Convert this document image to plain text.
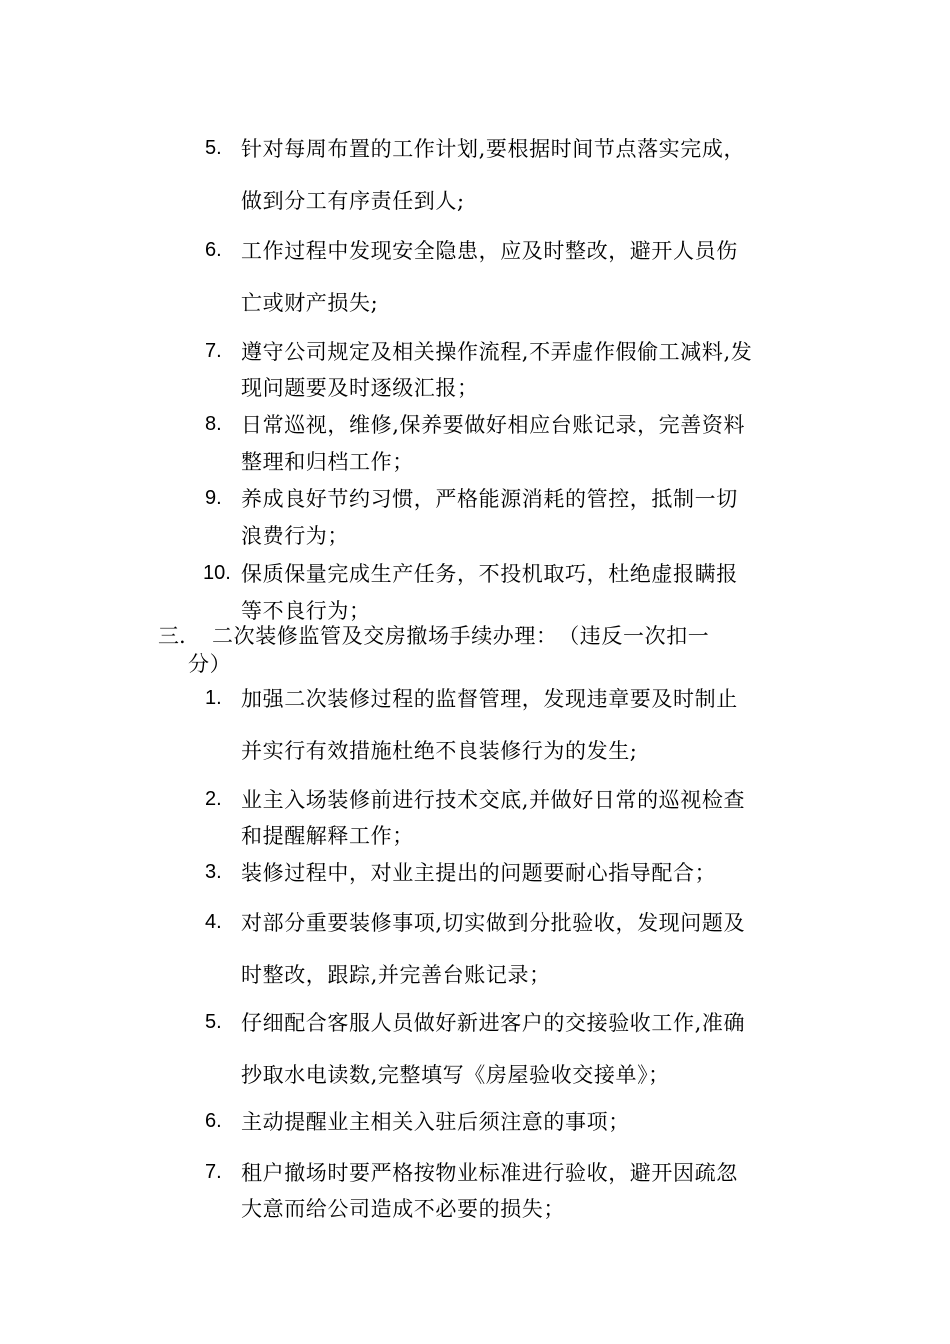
5. 针对每周布置的工作计划,要根据时间节点落实完成，
做到分工有序责任到人;
6. 工作过程中发现安全隐患，应及时整改，避开人员伤
亡或财产损失;
7. 遵守公司规定及相关操作流程,不弄虚作假偷工减料,发
现问题要及时逐级汇报；
8. 日常巡视，维修,保养要做好相应台账记录，完善资料
整理和归档工作；
9. 养成良好节约习惯，严格能源消耗的管控，抵制一切
浪费行为；
10. 保质保量完成生产任务，不投机取巧，杜绝虚报瞒报
等不良行为；
三. 二次装修监管及交房撤场手续办理：　（违反一次扣一
分）
1. 加强二次装修过程的监督管理，发现违章要及时制止
并实行有效措施杜绝不良装修行为的发生;
2. 业主入场装修前进行技术交底,并做好日常的巡视检查
和提醒解释工作；
3. 装修过程中，对业主提出的问题要耐心指导配合；
4. 对部分重要装修事项,切实做到分批验收，发现问题及
时整改，跟踪,并完善台账记录；
5. 仔细配合客服人员做好新进客户的交接验收工作,准确
抄取水电读数,完整填写《房屋验收交接单》；
6. 主动提醒业主相关入驻后须注意的事项；
7. 租户撤场时要严格按物业标准进行验收，避开因疏忽
大意而给公司造成不必要的损失；
